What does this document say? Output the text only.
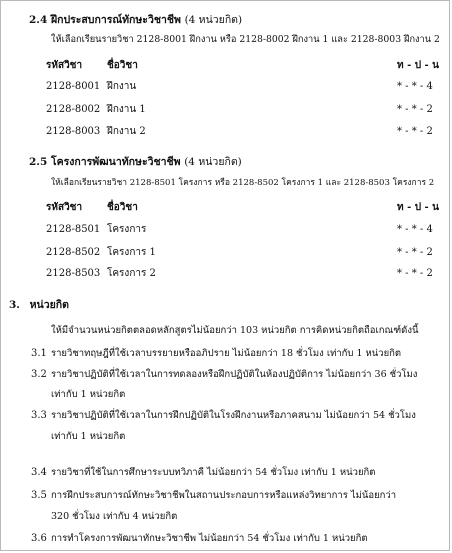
2.4 ฝึกประสบการณ์ทักษะวิชาชีพ (4 หน่วยกิต)
ให้เลือกเรียนรายวิชา 2128-8001 ฝึกงาน หรือ 2128-8002 ฝึกงาน 1 และ 2128-8003 ฝึกงาน 2
รหัสวิชา ชื่อวิชา	ท - ป - น
2128-8001 ฝึกงาน	* - * - 4
2128-8002 ฝึกงาน 1	* - * - 2
2128-8003 ฝึกงาน 2	* - * - 2
2.5 โครงการพัฒนาทักษะวิชาชีพ (4 หน่วยกิต)
ให้เลือกเรียนรายวิชา 2128-8501 โครงการ หรือ 2128-8502 โครงการ 1 และ 2128-8503 โครงการ 2
รหัสวิชา ชื่อวิชา	ท - ป - น
2128-8501 โครงการ	* - * - 4
2128-8502 โครงการ 1	* - * - 2
2128-8503 โครงการ 2	* - * - 2
3. หน่วยกิต
ให้มีจำนวนหน่วยกิตตลอดหลักสูตรไม่น้อยกว่า 103 หน่วยกิต การคิดหน่วยกิตถือเกณฑ์ดังนี้
3.1 รายวิชาทฤษฎีที่ใช้เวลาบรรยายหรืออภิปราย ไม่น้อยกว่า 18 ชั่วโมง เท่ากับ 1 หน่วยกิต
3.2 รายวิชาปฏิบัติที่ใช้เวลาในการทดลองหรือฝึกปฏิบัติในห้องปฏิบัติการ ไม่น้อยกว่า 36 ชั่วโมง
เท่ากับ 1 หน่วยกิต
3.3 รายวิชาปฏิบัติที่ใช้เวลาในการฝึกปฏิบัติในโรงฝึกงานหรือภาคสนาม ไม่น้อยกว่า 54 ชั่วโมง
เท่ากับ 1 หน่วยกิต
3.4 รายวิชาที่ใช้ในการศึกษาระบบทวิภาคี ไม่น้อยกว่า 54 ชั่วโมง เท่ากับ 1 หน่วยกิต
3.5 การฝึกประสบการณ์ทักษะวิชาชีพในสถานประกอบการหรือแหล่งวิทยาการ ไม่น้อยกว่า
320 ชั่วโมง เท่ากับ 4 หน่วยกิต
3.6 การทำโครงการพัฒนาทักษะวิชาชีพ ไม่น้อยกว่า 54 ชั่วโมง เท่ากับ 1 หน่วยกิต
